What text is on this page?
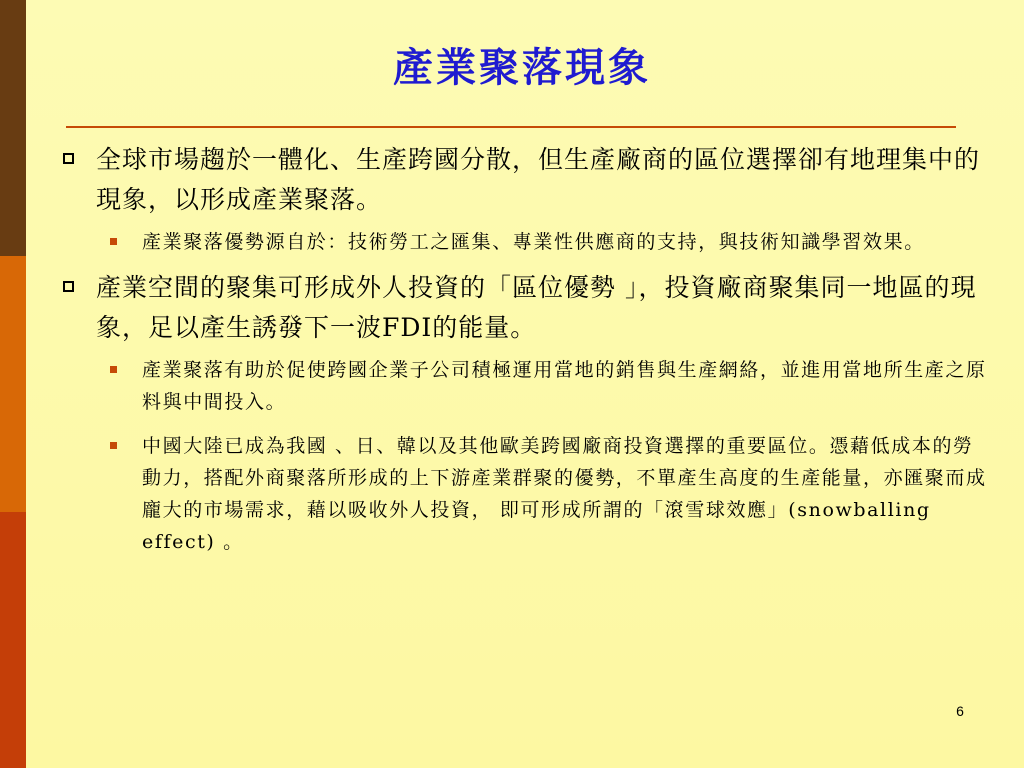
產業聚落現象
全球市場趨於一體化、生產跨國分散，但生產廠商的區位選擇卻有地理集中的現象，以形成產業聚落。
產業聚落優勢源自於：技術勞工之匯集、專業性供應商的支持，與技術知識學習效果。
產業空間的聚集可形成外人投資的「區位優勢 」，投資廠商聚集同一地區的現象，足以產生誘發下一波FDI的能量。
產業聚落有助於促使跨國企業子公司積極運用當地的銷售與生產網絡，並進用當地所生產之原料與中間投入。
中國大陸已成為我國 、日、韓以及其他歐美跨國廠商投資選擇的重要區位。憑藉低成本的勞動力，搭配外商聚落所形成的上下游產業群聚的優勢，不單產生高度的生產能量，亦匯聚而成龐大的市場需求，藉以吸收外人投資， 即可形成所謂的「滾雪球效應」(snowballing effect) 。
6
